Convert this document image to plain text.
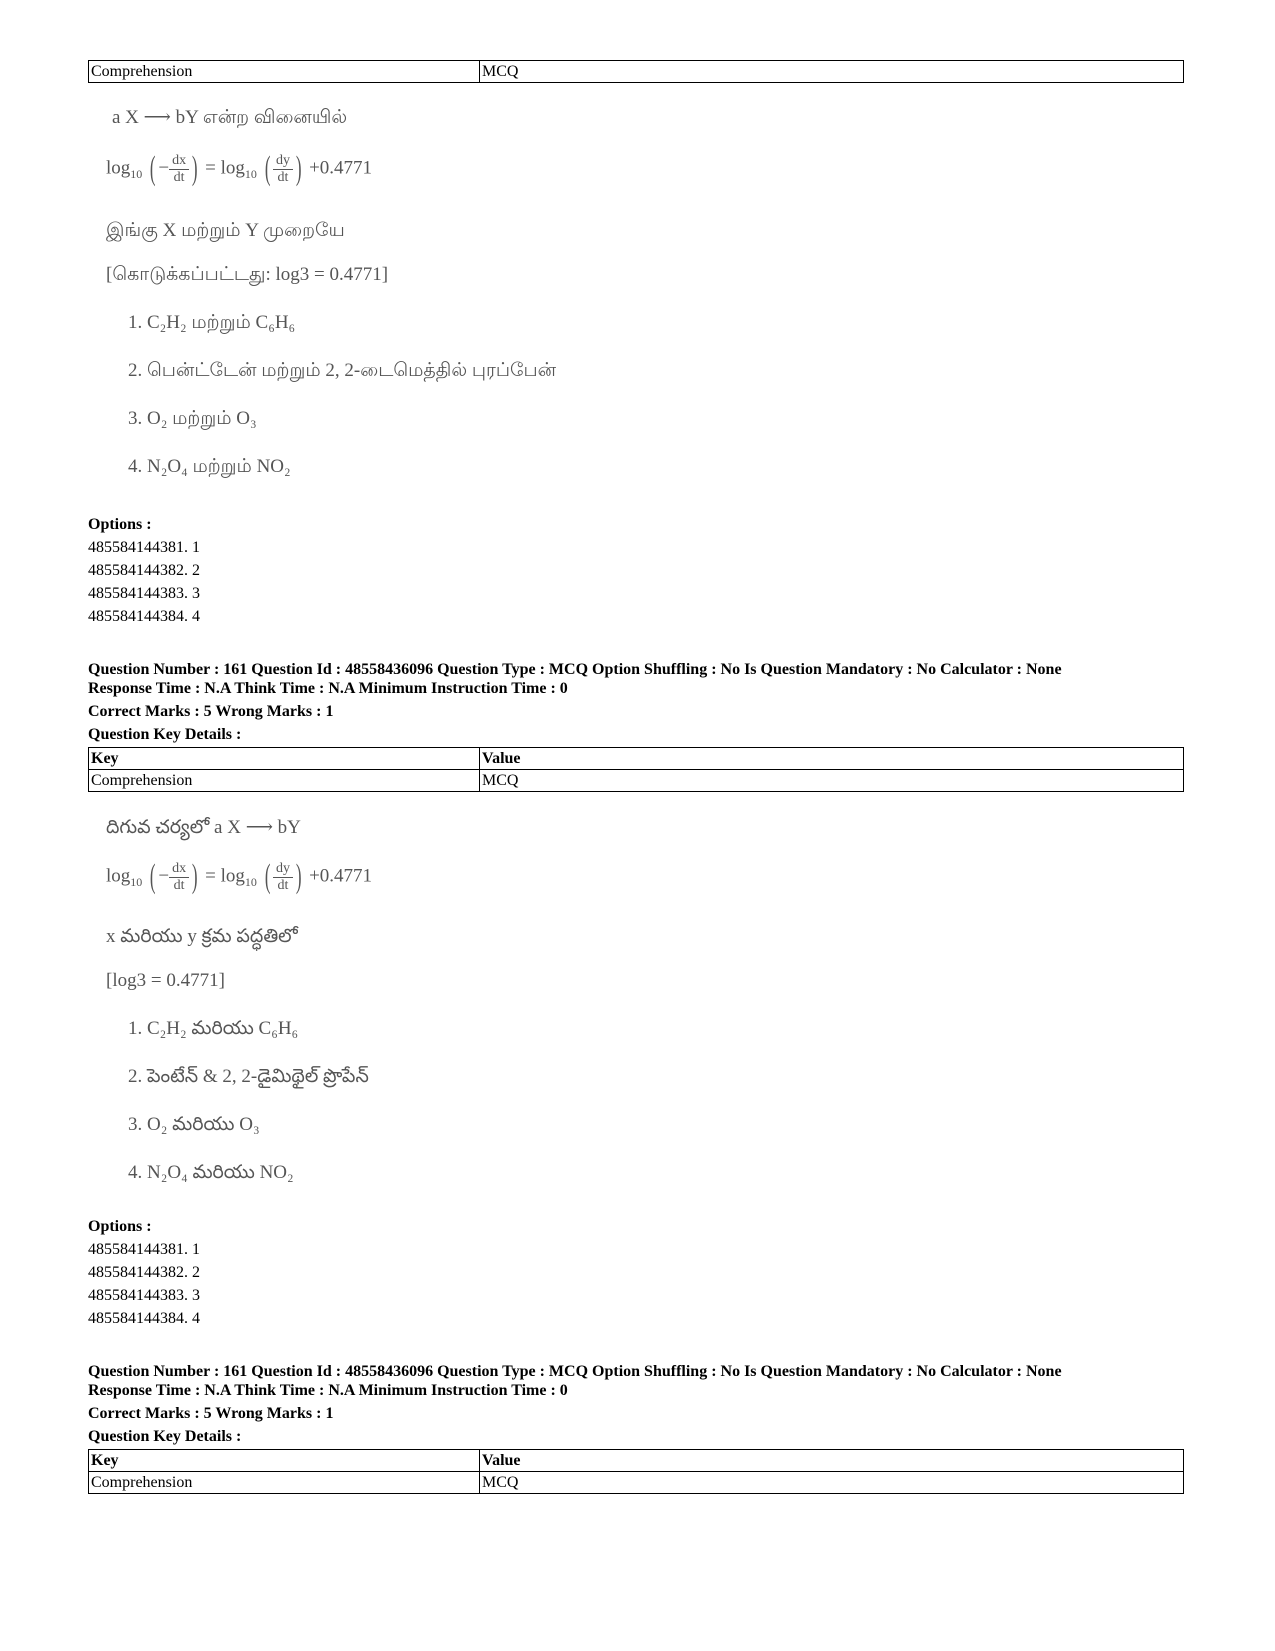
Comprehension	MCQ
a X ⟶ bY என்ற வினையில்
$\log_{10}$ ( − $\frac{dx}{dt}$ ) = $\log_{10}$ ( $\frac{dy}{dt}$ ) +0.4771
இங்கு X மற்றும் Y முறையே
[கொடுக்கப்பட்டது: log3 = 0.4771]
1. C₂H₂ மற்றும் C₆H₆
2. பென்ட்டேன் மற்றும் 2, 2-டைமெத்தில் புரப்பேன்
3. O₂ மற்றும் O₃
4. N₂O₄ மற்றும் NO₂
Options :
485584144381. 1
485584144382. 2
485584144383. 3
485584144384. 4
Question Number : 161 Question Id : 48558436096 Question Type : MCQ Option Shuffling : No Is Question Mandatory : No Calculator : None
Response Time : N.A Think Time : N.A Minimum Instruction Time : 0
Correct Marks : 5 Wrong Marks : 1
Question Key Details :
Key	Value
Comprehension	MCQ
దిగువ చర్యలో a X ⟶ bY
$\log_{10}$ ( − $\frac{dx}{dt}$ ) = $\log_{10}$ ( $\frac{dy}{dt}$ ) +0.4771
x మరియు y క్రమ పద్ధతిలో
[log3 = 0.4771]
1. C₂H₂ మరియు C₆H₆
2. పెంటేన్ & 2, 2-డైమిథైల్ ప్రొపేన్
3. O₂ మరియు O₃
4. N₂O₄ మరియు NO₂
Options :
485584144381. 1
485584144382. 2
485584144383. 3
485584144384. 4
Question Number : 161 Question Id : 48558436096 Question Type : MCQ Option Shuffling : No Is Question Mandatory : No Calculator : None
Response Time : N.A Think Time : N.A Minimum Instruction Time : 0
Correct Marks : 5 Wrong Marks : 1
Question Key Details :
Key	Value
Comprehension	MCQ
